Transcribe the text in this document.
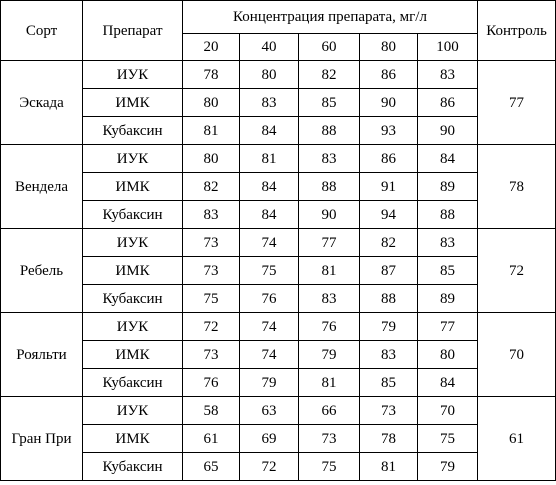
Сорт	Препарат	Концентрация препарата, мг/л					Контроль
		20	40	60	80	100	
Эскада	ИУК	78	80	82	86	83	77
	ИМК	80	83	85	90	86	
	Кубаксин	81	84	88	93	90	
Вендела	ИУК	80	81	83	86	84	78
	ИМК	82	84	88	91	89	
	Кубаксин	83	84	90	94	88	
Ребель	ИУК	73	74	77	82	83	72
	ИМК	73	75	81	87	85	
	Кубаксин	75	76	83	88	89	
Рояльти	ИУК	72	74	76	79	77	70
	ИМК	73	74	79	83	80	
	Кубаксин	76	79	81	85	84	
Гран При	ИУК	58	63	66	73	70	61
	ИМК	61	69	73	78	75	
	Кубаксин	65	72	75	81	79	
